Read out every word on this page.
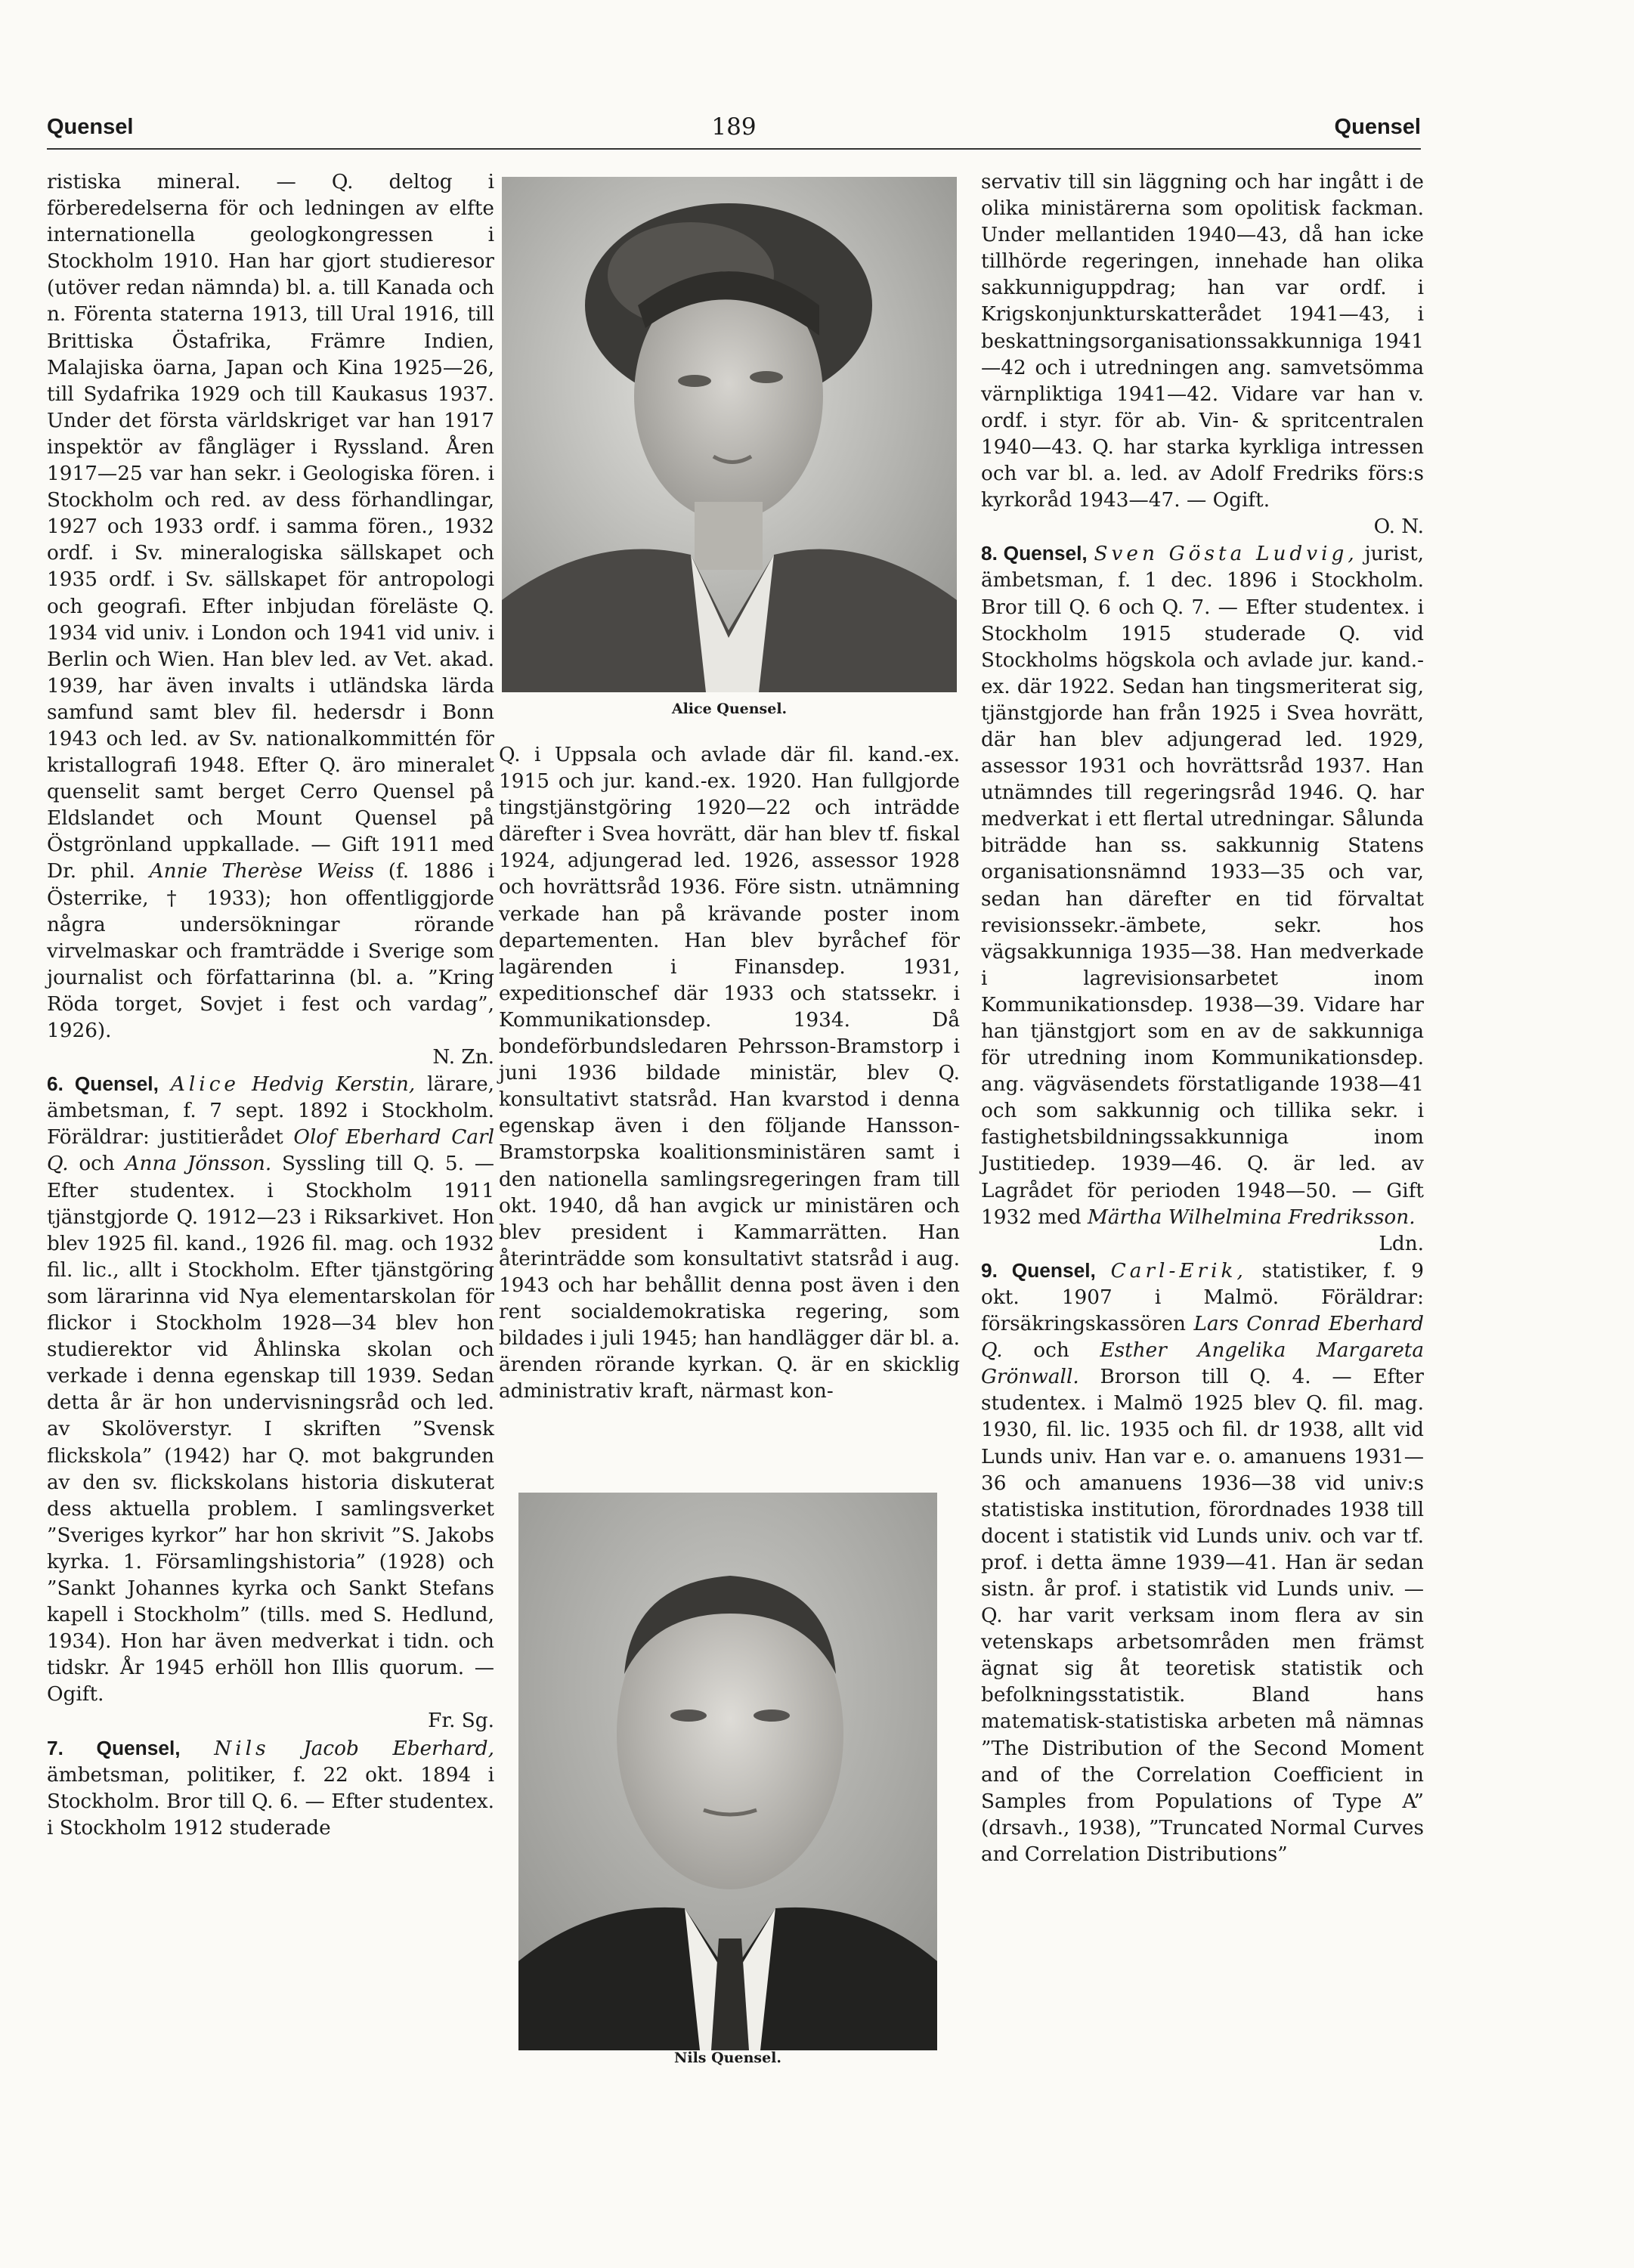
Quensel	189	Quensel

ristiska mineral. — Q. deltog i förberedelserna för och ledningen av elfte internationella geologkongressen i Stockholm 1910. Han har gjort studieresor (utöver redan nämnda) bl. a. till Kanada och n. Förenta staterna 1913, till Ural 1916, till Brittiska Östafrika, Främre Indien, Malajiska öarna, Japan och Kina 1925—26, till Sydafrika 1929 och till Kaukasus 1937. Under det första världskriget var han 1917 inspektör av fångläger i Ryssland. Åren 1917—25 var han sekr. i Geologiska fören. i Stockholm och red. av dess förhandlingar, 1927 och 1933 ordf. i samma fören., 1932 ordf. i Sv. mineralogiska sällskapet och 1935 ordf. i Sv. sällskapet för antropologi och geografi. Efter inbjudan föreläste Q. 1934 vid univ. i London och 1941 vid univ. i Berlin och Wien. Han blev led. av Vet. akad. 1939, har även invalts i utländska lärda samfund samt blev fil. hedersdr i Bonn 1943 och led. av Sv. nationalkommittén för kristallografi 1948. Efter Q. äro mineralet quenselit samt berget Cerro Quensel på Eldslandet och Mount Quensel på Östgrönland uppkallade. — Gift 1911 med Dr. phil. Annie Therèse Weiss (f. 1886 i Österrike, † 1933); hon offentliggjorde några undersökningar rörande virvelmaskar och framträdde i Sverige som journalist och författarinna (bl. a. ”Kring Röda torget, Sovjet i fest och vardag”, 1926).
N. Zn.

6. Quensel, Alice Hedvig Kerstin, lärare, ämbetsman, f. 7 sept. 1892 i Stockholm. Föräldrar: justitierådet Olof Eberhard Carl Q. och Anna Jönsson. Syssling till Q. 5. — Efter studentex. i Stockholm 1911 tjänstgjorde Q. 1912—23 i Riksarkivet. Hon blev 1925 fil. kand., 1926 fil. mag. och 1932 fil. lic., allt i Stockholm. Efter tjänstgöring som lärarinna vid Nya elementarskolan för flickor i Stockholm 1928—34 blev hon studierektor vid Åhlinska skolan och verkade i denna egenskap till 1939. Sedan detta år är hon undervisningsråd och led. av Skolöverstyr. I skriften ”Svensk flickskola” (1942) har Q. mot bakgrunden av den sv. flickskolans historia diskuterat dess aktuella problem. I samlingsverket ”Sveriges kyrkor” har hon skrivit ”S. Jakobs kyrka. 1. Församlingshistoria” (1928) och ”Sankt Johannes kyrka och Sankt Stefans kapell i Stockholm” (tills. med S. Hedlund, 1934). Hon har även medverkat i tidn. och tidskr. År 1945 erhöll hon Illis quorum. — Ogift.
Fr. Sg.

7. Quensel, Nils Jacob Eberhard, ämbetsman, politiker, f. 22 okt. 1894 i Stockholm. Bror till Q. 6. — Efter studentex. i Stockholm 1912 studerade

Alice Quensel.

Q. i Uppsala och avlade där fil. kand.-ex. 1915 och jur. kand.-ex. 1920. Han fullgjorde tingstjänstgöring 1920—22 och inträdde därefter i Svea hovrätt, där han blev tf. fiskal 1924, adjungerad led. 1926, assessor 1928 och hovrättsråd 1936. Före sistn. utnämning verkade han på krävande poster inom departementen. Han blev byråchef för lagärenden i Finansdep. 1931, expeditionschef där 1933 och statssekr. i Kommunikationsdep. 1934. Då bondeförbundsledaren Pehrsson-Bramstorp i juni 1936 bildade ministär, blev Q. konsultativt statsråd. Han kvarstod i denna egenskap även i den följande Hansson-Bramstorpska koalitionsministären samt i den nationella samlingsregeringen fram till okt. 1940, då han avgick ur ministären och blev president i Kammarrätten. Han återinträdde som konsultativt statsråd i aug. 1943 och har behållit denna post även i den rent socialdemokratiska regering, som bildades i juli 1945; han handlägger där bl. a. ärenden rörande kyrkan. Q. är en skicklig administrativ kraft, närmast kon-

Nils Quensel.

servativ till sin läggning och har ingått i de olika ministärerna som opolitisk fackman. Under mellantiden 1940—43, då han icke tillhörde regeringen, innehade han olika sakkunniguppdrag; han var ordf. i Krigskonjunkturskatterådet 1941—43, i beskattningsorganisationssakkunniga 1941—42 och i utredningen ang. samvetsömma värnpliktiga 1941—42. Vidare var han v. ordf. i styr. för ab. Vin- & spritcentralen 1940—43. Q. har starka kyrkliga intressen och var bl. a. led. av Adolf Fredriks förs:s kyrkoråd 1943—47. — Ogift.
O. N.

8. Quensel, Sven Gösta Ludvig, jurist, ämbetsman, f. 1 dec. 1896 i Stockholm. Bror till Q. 6 och Q. 7. — Efter studentex. i Stockholm 1915 studerade Q. vid Stockholms högskola och avlade jur. kand.-ex. där 1922. Sedan han tingsmeriterat sig, tjänstgjorde han från 1925 i Svea hovrätt, där han blev adjungerad led. 1929, assessor 1931 och hovrättsråd 1937. Han utnämndes till regeringsråd 1946. Q. har medverkat i ett flertal utredningar. Sålunda biträdde han ss. sakkunnig Statens organisationsnämnd 1933—35 och var, sedan han därefter en tid förvaltat revisionssekr.-ämbete, sekr. hos vägsakkunniga 1935—38. Han medverkade i lagrevisionsarbetet inom Kommunikationsdep. 1938—39. Vidare har han tjänstgjort som en av de sakkunniga för utredning inom Kommunikationsdep. ang. vägväsendets förstatligande 1938—41 och som sakkunnig och tillika sekr. i fastighetsbildningssakkunniga inom Justitiedep. 1939—46. Q. är led. av Lagrådet för perioden 1948—50. — Gift 1932 med Märtha Wilhelmina Fredriksson.
Ldn.

9. Quensel, Carl-Erik, statistiker, f. 9 okt. 1907 i Malmö. Föräldrar: försäkringskassören Lars Conrad Eberhard Q. och Esther Angelika Margareta Grönwall. Brorson till Q. 4. — Efter studentex. i Malmö 1925 blev Q. fil. mag. 1930, fil. lic. 1935 och fil. dr 1938, allt vid Lunds univ. Han var e. o. amanuens 1931—36 och amanuens 1936—38 vid univ:s statistiska institution, förordnades 1938 till docent i statistik vid Lunds univ. och var tf. prof. i detta ämne 1939—41. Han är sedan sistn. år prof. i statistik vid Lunds univ. — Q. har varit verksam inom flera av sin vetenskaps arbetsområden men främst ägnat sig åt teoretisk statistik och befolkningsstatistik. Bland hans matematisk-statistiska arbeten må nämnas ”The Distribution of the Second Moment and of the Correlation Coefficient in Samples from Populations of Type A” (drsavh., 1938), ”Truncated Normal Curves and Correlation Distributions”
